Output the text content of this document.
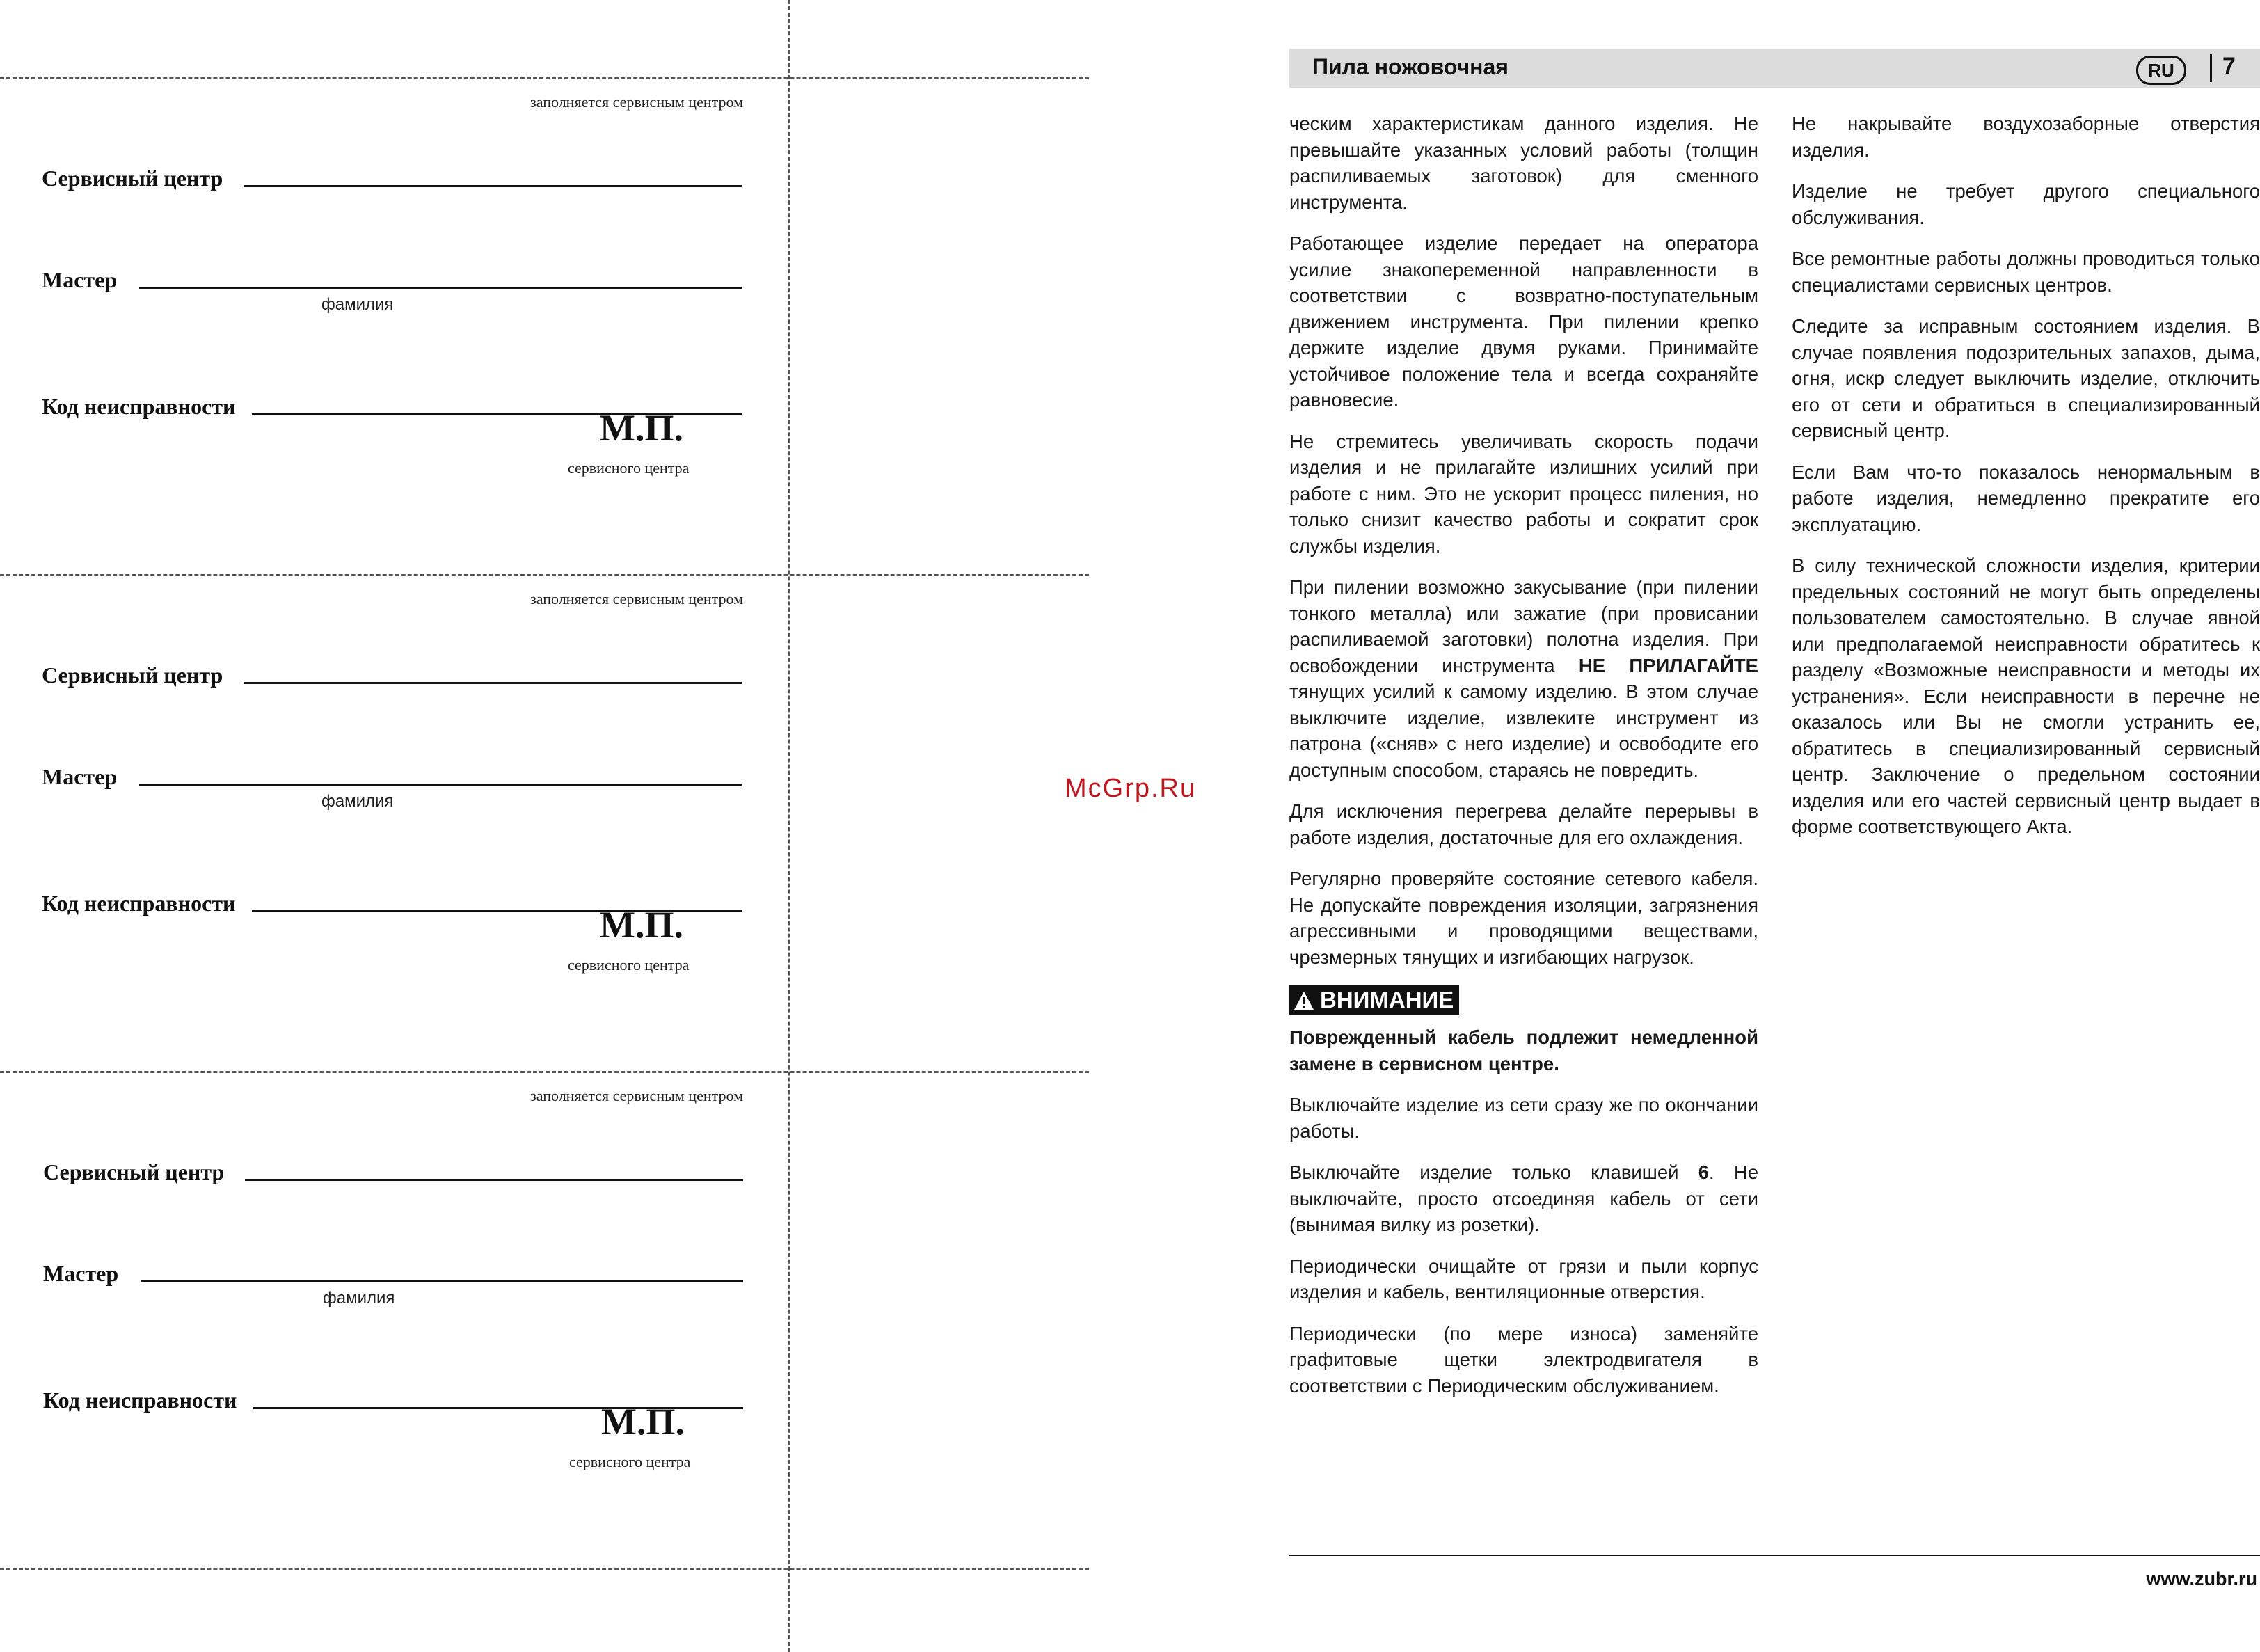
заполняется сервисным центром
Сервисный центр
Мастер
фамилия
Код неисправности
М.П.
сервисного центра
заполняется сервисным центром
Сервисный центр
Мастер
фамилия
Код неисправности
М.П.
сервисного центра
заполняется сервисным центром
Сервисный центр
Мастер
фамилия
Код неисправности
М.П.
сервисного центра
McGrp.Ru
Пила ножовочная	RU	7

ческим характеристикам данного изделия. Не превышайте указанных условий работы (толщин распиливаемых заготовок) для сменного инструмента.

Работающее изделие передает на оператора усилие знакопеременной направленности в соответствии с возвратно-поступательным движением инструмента. При пилении крепко держите изделие двумя руками. Принимайте устойчивое положение тела и всегда сохраняйте равновесие.

Не стремитесь увеличивать скорость подачи изделия и не прилагайте излишних усилий при работе с ним. Это не ускорит процесс пиления, но только снизит качество работы и сократит срок службы изделия.

При пилении возможно закусывание (при пилении тонкого металла) или зажатие (при провисании распиливаемой заготовки) полотна изделия. При освобождении инструмента НЕ ПРИЛАГАЙТЕ тянущих усилий к самому изделию. В этом случае выключите изделие, извлеките инструмент из патрона («сняв» с него изделие) и освободите его доступным способом, стараясь не повредить.

Для исключения перегрева делайте перерывы в работе изделия, достаточные для его охлаждения.

Регулярно проверяйте состояние сетевого кабеля. Не допускайте повреждения изоляции, загрязнения агрессивными и проводящими веществами, чрезмерных тянущих и изгибающих нагрузок.

ВНИМАНИЕ

Поврежденный кабель подлежит немедленной замене в сервисном центре.

Выключайте изделие из сети сразу же по окончании работы.

Выключайте изделие только клавишей 6. Не выключайте, просто отсоединяя кабель от сети (вынимая вилку из розетки).

Периодически очищайте от грязи и пыли корпус изделия и кабель, вентиляционные отверстия.

Периодически (по мере износа) заменяйте графитовые щетки электродвигателя в соответствии с Периодическим обслуживанием.

Не накрывайте воздухозаборные отверстия изделия.

Изделие не требует другого специального обслуживания.

Все ремонтные работы должны проводиться только специалистами сервисных центров.

Следите за исправным состоянием изделия. В случае появления подозрительных запахов, дыма, огня, искр следует выключить изделие, отключить его от сети и обратиться в специализированный сервисный центр.

Если Вам что-то показалось ненормальным в работе изделия, немедленно прекратите его эксплуатацию.

В силу технической сложности изделия, критерии предельных состояний не могут быть определены пользователем самостоятельно. В случае явной или предполагаемой неисправности обратитесь к разделу «Возможные неисправности и методы их устранения». Если неисправности в перечне не оказалось или Вы не смогли устранить ее, обратитесь в специализированный сервисный центр. Заключение о предельном состоянии изделия или его частей сервисный центр выдает в форме соответствующего Акта.

www.zubr.ru
